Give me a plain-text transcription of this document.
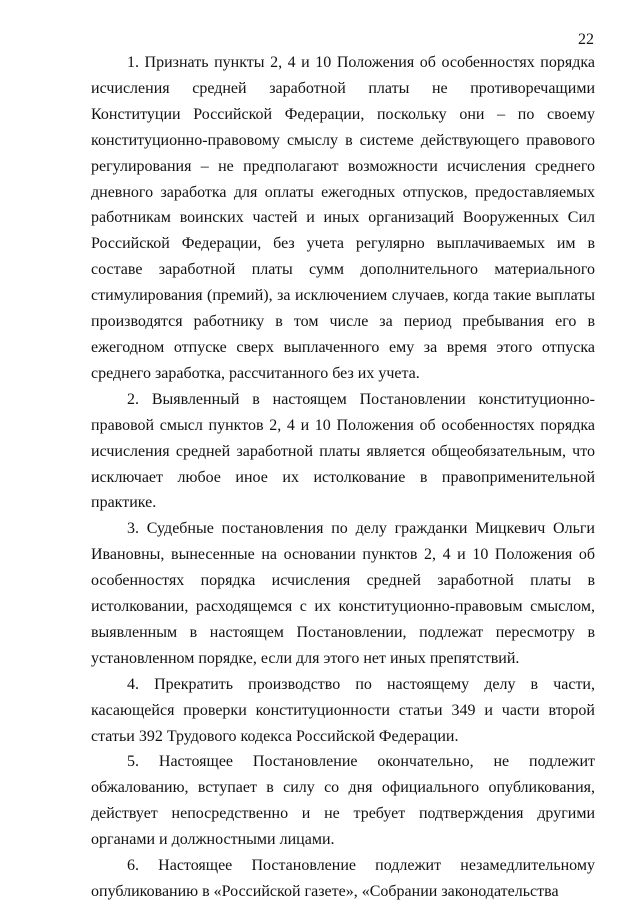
22

1. Признать пункты 2, 4 и 10 Положения об особенностях порядка исчисления средней заработной платы не противоречащими Конституции Российской Федерации, поскольку они – по своему конституционно-правовому смыслу в системе действующего правового регулирования – не предполагают возможности исчисления среднего дневного заработка для оплаты ежегодных отпусков, предоставляемых работникам воинских частей и иных организаций Вооруженных Сил Российской Федерации, без учета регулярно выплачиваемых им в составе заработной платы сумм дополнительного материального стимулирования (премий), за исключением случаев, когда такие выплаты производятся работнику в том числе за период пребывания его в ежегодном отпуске сверх выплаченного ему за время этого отпуска среднего заработка, рассчитанного без их учета.

2. Выявленный в настоящем Постановлении конституционно-правовой смысл пунктов 2, 4 и 10 Положения об особенностях порядка исчисления средней заработной платы является общеобязательным, что исключает любое иное их истолкование в правоприменительной практике.

3. Судебные постановления по делу гражданки Мицкевич Ольги Ивановны, вынесенные на основании пунктов 2, 4 и 10 Положения об особенностях порядка исчисления средней заработной платы в истолковании, расходящемся с их конституционно-правовым смыслом, выявленным в настоящем Постановлении, подлежат пересмотру в установленном порядке, если для этого нет иных препятствий.

4. Прекратить производство по настоящему делу в части, касающейся проверки конституционности статьи 349 и части второй статьи 392 Трудового кодекса Российской Федерации.

5. Настоящее Постановление окончательно, не подлежит обжалованию, вступает в силу со дня официального опубликования, действует непосредственно и не требует подтверждения другими органами и должностными лицами.

6. Настоящее Постановление подлежит незамедлительному опубликованию в «Российской газете», «Собрании законодательства
